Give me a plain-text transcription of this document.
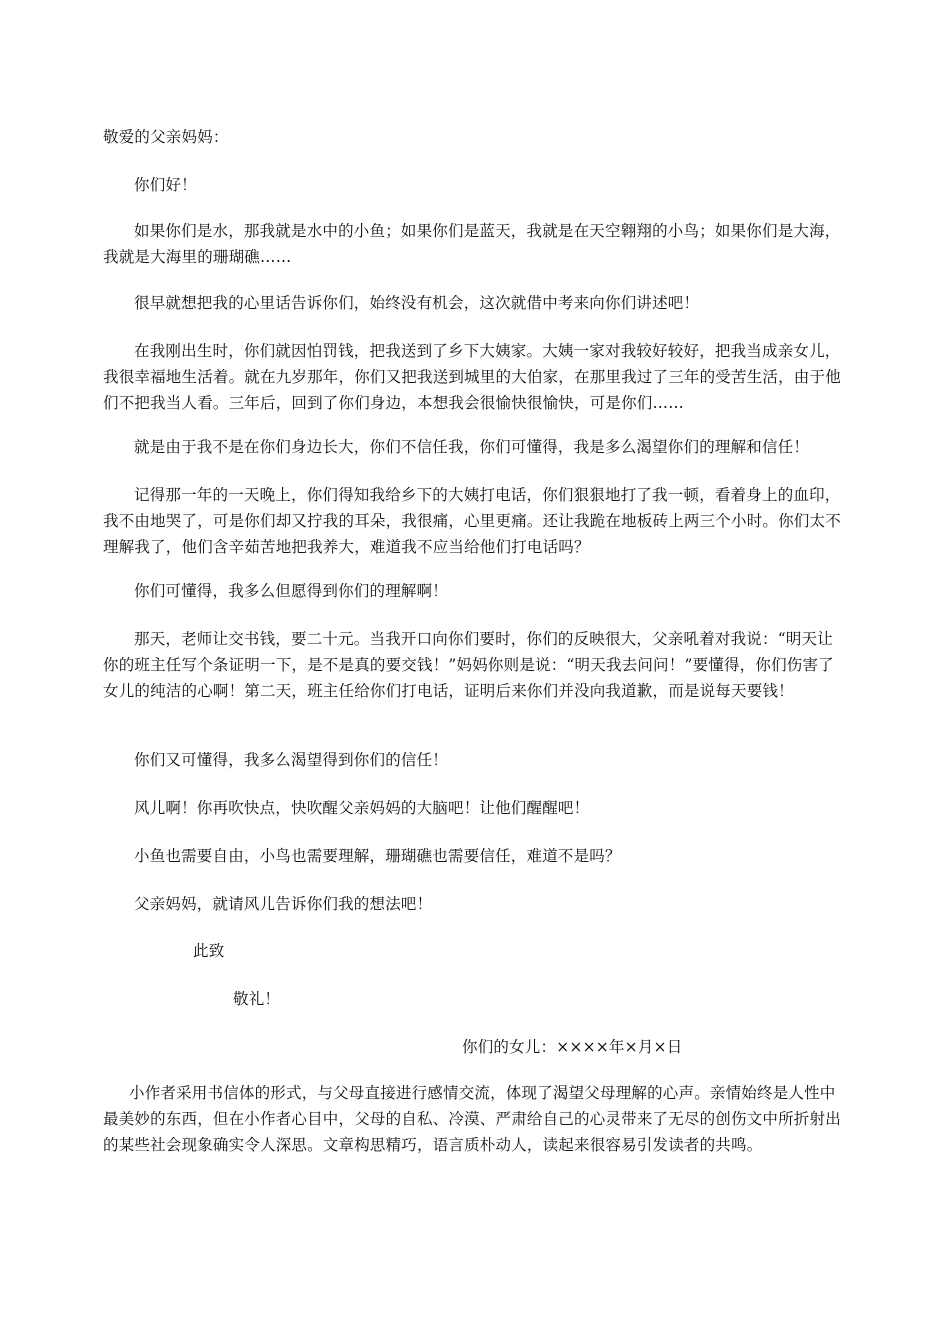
敬爱的父亲妈妈：

你们好！

如果你们是水，那我就是水中的小鱼；如果你们是蓝天，我就是在天空翱翔的小鸟；如果你们是大海，我就是大海里的珊瑚礁……

很早就想把我的心里话告诉你们，始终没有机会，这次就借中考来向你们讲述吧！

在我刚出生时，你们就因怕罚钱，把我送到了乡下大姨家。大姨一家对我较好较好，把我当成亲女儿，我很幸福地生活着。就在九岁那年，你们又把我送到城里的大伯家，在那里我过了三年的受苦生活，由于他们不把我当人看。三年后，回到了你们身边，本想我会很愉快很愉快，可是你们……

就是由于我不是在你们身边长大，你们不信任我，你们可懂得，我是多么渴望你们的理解和信任！

记得那一年的一天晚上，你们得知我给乡下的大姨打电话，你们狠狠地打了我一顿，看着身上的血印，我不由地哭了，可是你们却又拧我的耳朵，我很痛，心里更痛。还让我跪在地板砖上两三个小时。你们太不理解我了，他们含辛茹苦地把我养大，难道我不应当给他们打电话吗？

你们可懂得，我多么但愿得到你们的理解啊！

那天，老师让交书钱，要二十元。当我开口向你们要时，你们的反映很大，父亲吼着对我说：“明天让你的班主任写个条证明一下，是不是真的要交钱！”妈妈你则是说：“明天我去问问！”要懂得，你们伤害了女儿的纯洁的心啊！第二天，班主任给你们打电话，证明后来你们并没向我道歉，而是说每天要钱！

你们又可懂得，我多么渴望得到你们的信任！

风儿啊！你再吹快点，快吹醒父亲妈妈的大脑吧！让他们醒醒吧！

小鱼也需要自由，小鸟也需要理解，珊瑚礁也需要信任，难道不是吗？

父亲妈妈，就请风儿告诉你们我的想法吧！

此致

敬礼！

你们的女儿：××××年×月×日

小作者采用书信体的形式，与父母直接进行感情交流，体现了渴望父母理解的心声。亲情始终是人性中最美妙的东西，但在小作者心目中，父母的自私、冷漠、严肃给自己的心灵带来了无尽的创伤文中所折射出的某些社会现象确实令人深思。文章构思精巧，语言质朴动人，读起来很容易引发读者的共鸣。
